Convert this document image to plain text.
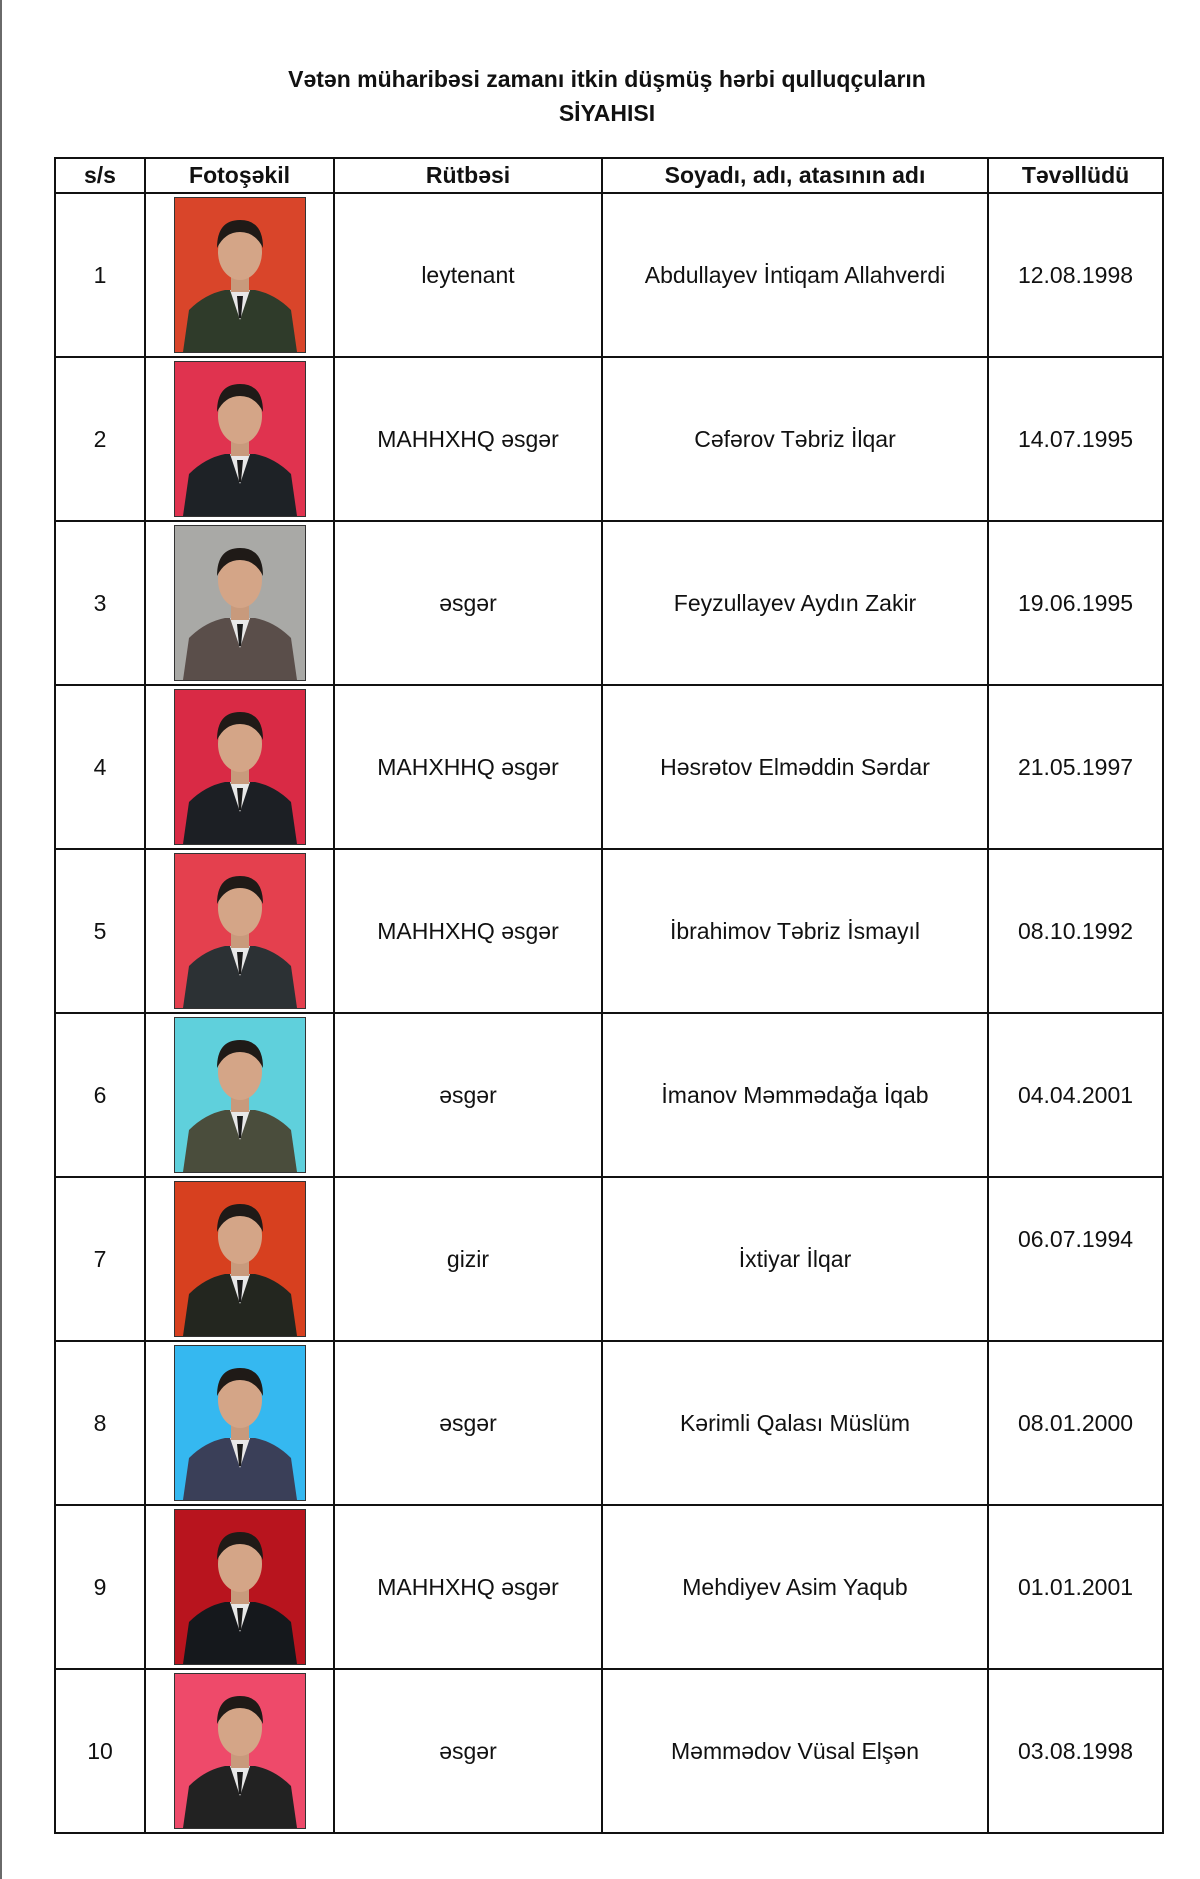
Vətən müharibəsi zamanı itkin düşmüş hərbi qulluqçuların
SİYAHISI
s/s	Fotoşəkil	Rütbəsi	Soyadı, adı, atasının adı	Təvəllüdü
1		leytenant	Abdullayev İntiqam Allahverdi	12.08.1998
2		MAHHXHQ əsgər	Cəfərov Təbriz İlqar	14.07.1995
3		əsgər	Feyzullayev Aydın Zakir	19.06.1995
4		MAHXHHQ əsgər	Həsrətov Elməddin Sərdar	21.05.1997
5		MAHHXHQ əsgər	İbrahimov Təbriz İsmayıl	08.10.1992
6		əsgər	İmanov Məmmədağa İqab	04.04.2001
7		gizir	İxtiyar İlqar	06.07.1994
8		əsgər	Kərimli Qalası Müslüm	08.01.2000
9		MAHHXHQ əsgər	Mehdiyev Asim Yaqub	01.01.2001
10		əsgər	Məmmədov Vüsal Elşən	03.08.1998
